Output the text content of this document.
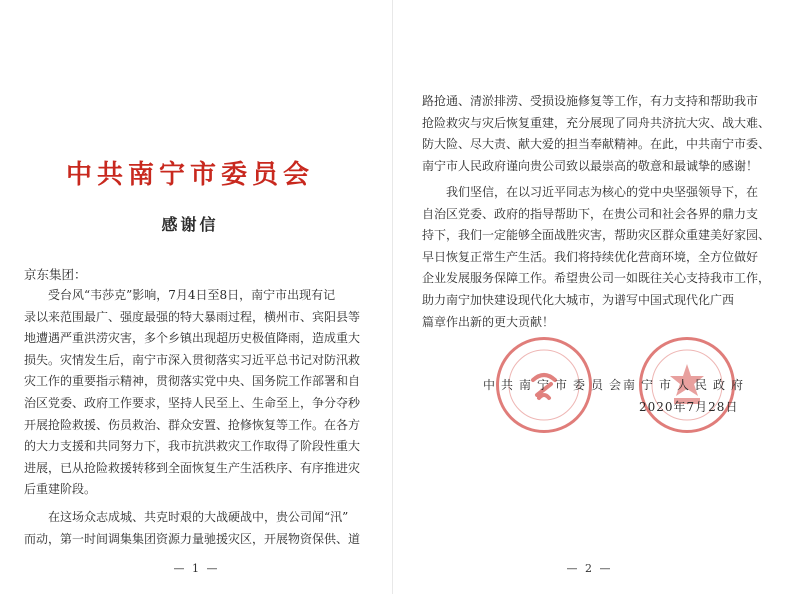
中共南宁市委员会
感谢信
京东集团：

　　受台风“韦莎克”影响，7月4日至8日，南宁市出现有记
录以来范围最广、强度最强的特大暴雨过程，横州市、宾阳县等
地遭遇严重洪涝灾害，多个乡镇出现超历史极值降雨，造成重大
损失。灾情发生后，南宁市深入贯彻落实习近平总书记对防汛救
灾工作的重要指示精神，贯彻落实党中央、国务院工作部署和自
治区党委、政府工作要求，坚持人民至上、生命至上，争分夺秒
开展抢险救援、伤员救治、群众安置、抢修恢复等工作。在各方
的大力支援和共同努力下，我市抗洪救灾工作取得了阶段性重大
进展，已从抢险救援转移到全面恢复生产生活秩序、有序推进灾
后重建阶段。

　　在这场众志成城、共克时艰的大战硬战中，贵公司闻“汛”
而动，第一时间调集集团资源力量驰援灾区，开展物资保供、道

— 1 —

路抢通、清淤排涝、受损设施修复等工作，有力支持和帮助我市
抢险救灾与灾后恢复重建，充分展现了同舟共济抗大灾、战大难、
防大险、尽大责、献大爱的担当奉献精神。在此，中共南宁市委、
南宁市人民政府谨向贵公司致以最崇高的敬意和最诚挚的感谢！

　　我们坚信，在以习近平同志为核心的党中央坚强领导下，在
自治区党委、政府的指导帮助下，在贵公司和社会各界的鼎力支
持下，我们一定能够全面战胜灾害，帮助灾区群众重建美好家园、
早日恢复正常生产生活。我们将持续优化营商环境，全方位做好
企业发展服务保障工作。希望贵公司一如既往关心支持我市工作，
助力南宁加快建设现代化大城市，为谱写中国式现代化广西
篇章作出新的更大贡献！

中共南宁市委员会
南宁市人民政府
2020年7月28日
— 2 —
